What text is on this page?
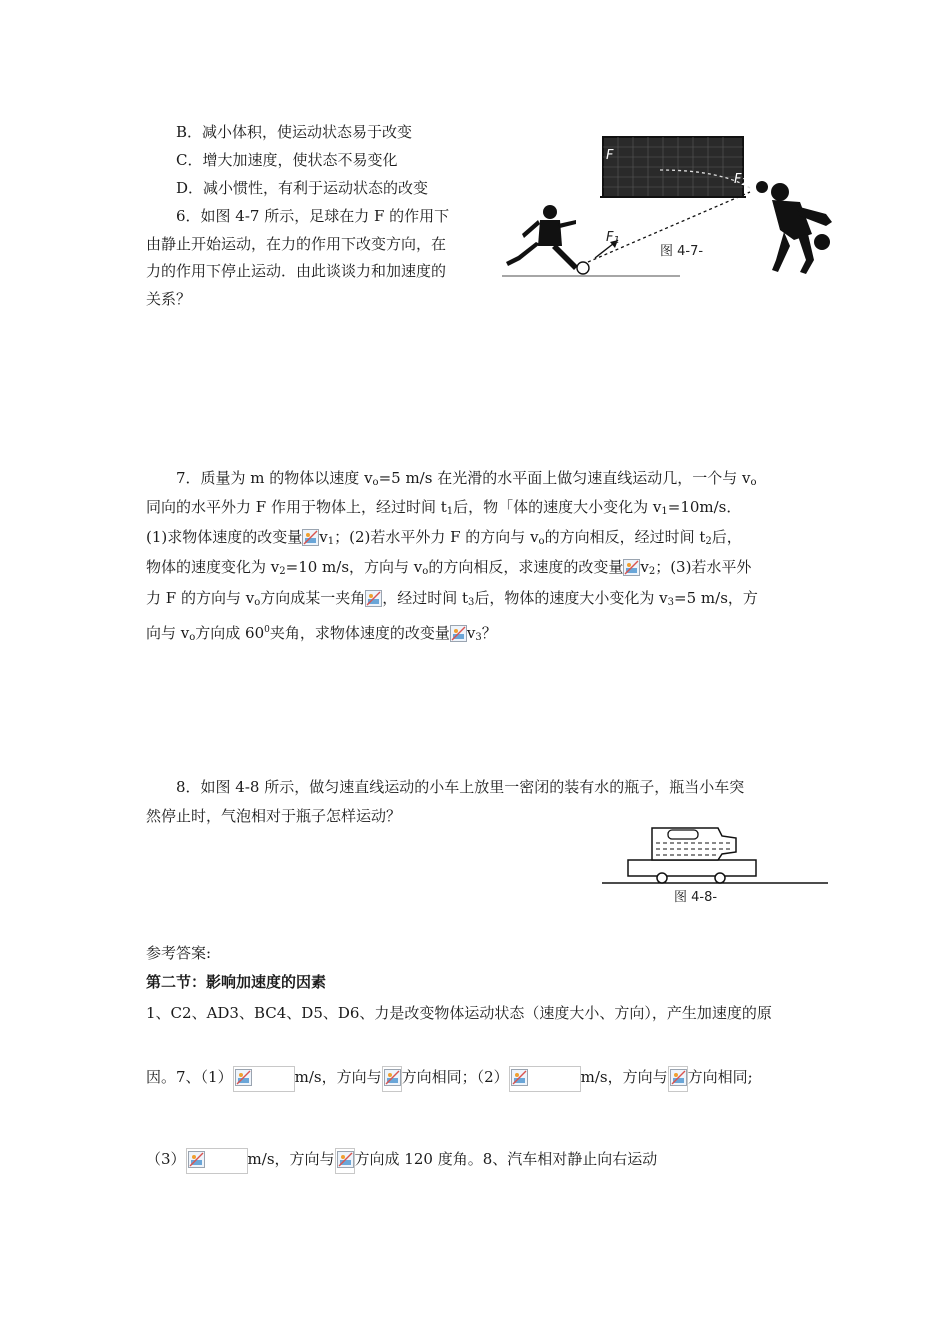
B．减小体积，使运动状态易于改变
C．增大加速度，使状态不易变化
D．减小惯性，有利于运动状态的改变
6．如图 4-7 所示，足球在力 F 的作用下
由静止开始运动，在力的作用下改变方向，在
力的作用下停止运动．由此谈谈力和加速度的
关系？
F
$F_1$
$F_2$
图 4-7-
7．质量为 m 的物体以速度 $v_o=5$ m/s 在光滑的水平面上做匀速直线运动几，一个与 $v_o$
同向的水平外力 F 作用于物体上，经过时间 $t_1$后，物「体的速度大小变化为 $v_1=10m/s$．
(1)求物体速度的改变量 $v_1$；(2)若水平外力 F 的方向与 $v_o$的方向相反，经过时间 $t_2$后，
物体的速度变化为 $v_2=10$ m/s，方向与 $v_o$的方向相反，求速度的改变量 $v_2$；(3)若水平外
力 F 的方向与 $v_o$方向成某一夹角 ，经过时间 $t_3$后，物体的速度大小变化为 $v_3=5$ m/s，方
向与 $v_o$方向成 $60^0$夹角，求物体速度的改变量 $v_3$？
8．如图 4-8 所示，做匀速直线运动的小车上放里一密闭的装有水的瓶子，瓶当小车突
然停止时，气泡相对于瓶子怎样运动？
图 4-8-
参考答案:
第二节：影响加速度的因素
1、C2、AD3、BC4、D5、D6、力是改变物体运动状态（速度大小、方向），产生加速度的原
因。7、（1）	m/s，方向与 方向相同；（2）	m/s，方向与 方向相同;
（3）	m/s，方向与 方向成 120 度角。8、汽车相对静止向右运动
